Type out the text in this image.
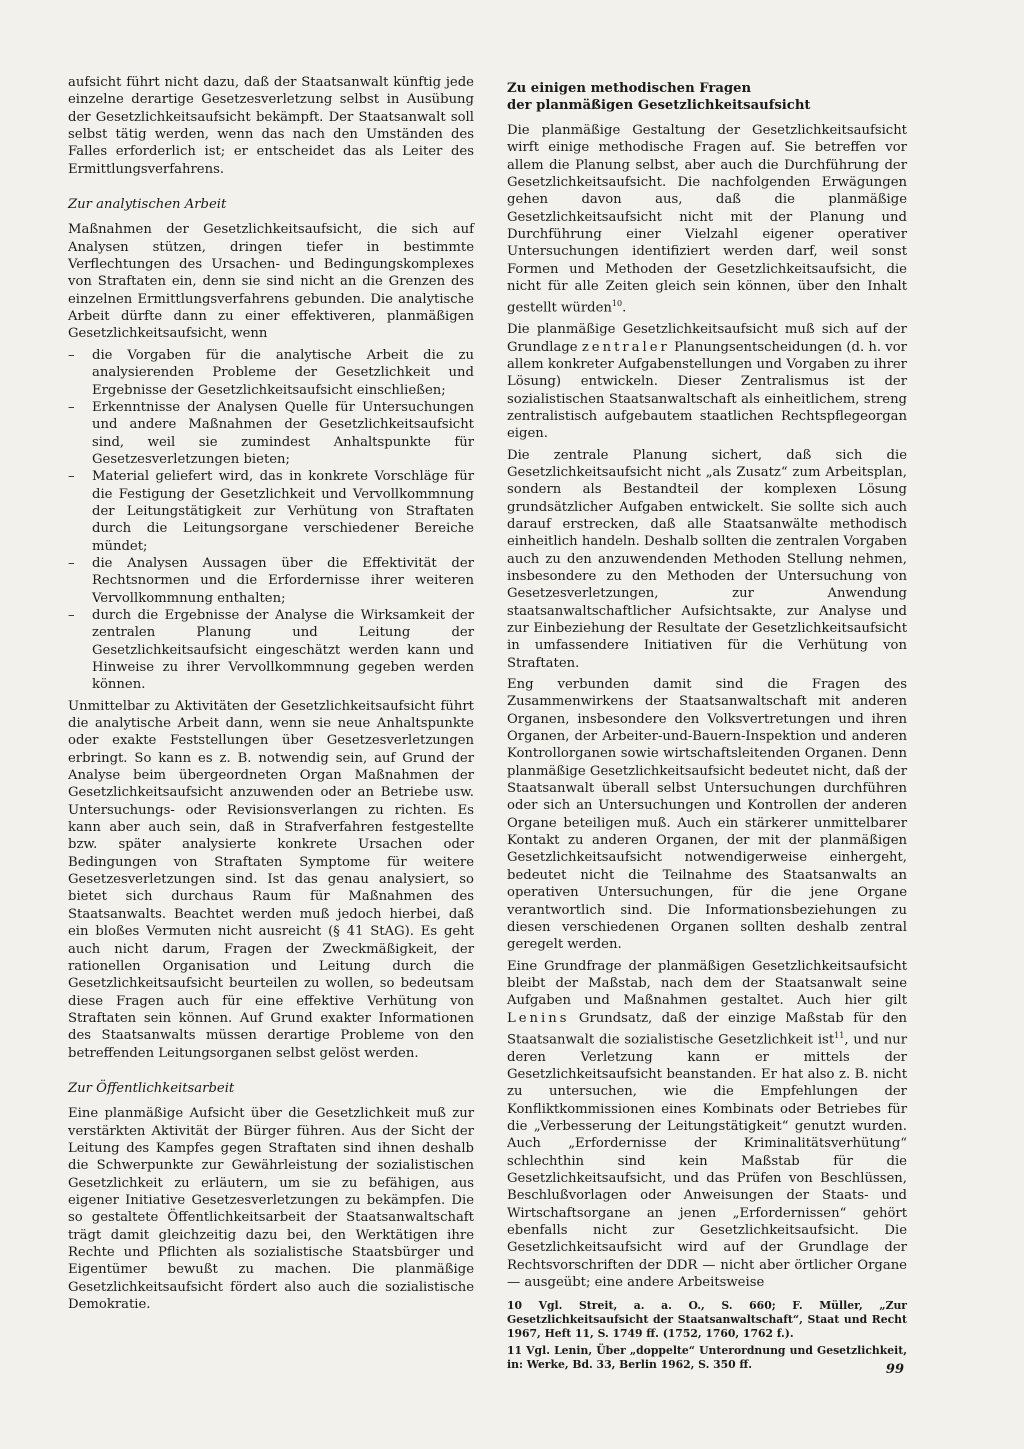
aufsicht führt nicht dazu, daß der Staatsanwalt künftig jede einzelne derartige Gesetzesverletzung selbst in Ausübung der Gesetzlichkeitsaufsicht bekämpft. Der Staatsanwalt soll selbst tätig werden, wenn das nach den Umständen des Falles erforderlich ist; er entscheidet das als Leiter des Ermittlungsverfahrens.

Zur analytischen Arbeit

Maßnahmen der Gesetzlichkeitsaufsicht, die sich auf Analysen stützen, dringen tiefer in bestimmte Verflechtungen des Ursachen- und Bedingungskomplexes von Straftaten ein, denn sie sind nicht an die Grenzen des einzelnen Ermittlungsverfahrens gebunden. Die analytische Arbeit dürfte dann zu einer effektiveren, planmäßigen Gesetzlichkeitsaufsicht, wenn

– die Vorgaben für die analytische Arbeit die zu analysierenden Probleme der Gesetzlichkeit und Ergebnisse der Gesetzlichkeitsaufsicht einschließen;
– Erkenntnisse der Analysen Quelle für Untersuchungen und andere Maßnahmen der Gesetzlichkeitsaufsicht sind, weil sie zumindest Anhaltspunkte für Gesetzesverletzungen bieten;
– Material geliefert wird, das in konkrete Vorschläge für die Festigung der Gesetzlichkeit und Vervollkommnung der Leitungstätigkeit zur Verhütung von Straftaten durch die Leitungsorgane verschiedener Bereiche mündet;
– die Analysen Aussagen über die Effektivität der Rechtsnormen und die Erfordernisse ihrer weiteren Vervollkommnung enthalten;
– durch die Ergebnisse der Analyse die Wirksamkeit der zentralen Planung und Leitung der Gesetzlichkeitsaufsicht eingeschätzt werden kann und Hinweise zu ihrer Vervollkommnung gegeben werden können.

Unmittelbar zu Aktivitäten der Gesetzlichkeitsaufsicht führt die analytische Arbeit dann, wenn sie neue Anhaltspunkte oder exakte Feststellungen über Gesetzesverletzungen erbringt. So kann es z. B. notwendig sein, auf Grund der Analyse beim übergeordneten Organ Maßnahmen der Gesetzlichkeitsaufsicht anzuwenden oder an Betriebe usw. Untersuchungs- oder Revisionsverlangen zu richten. Es kann aber auch sein, daß in Strafverfahren festgestellte bzw. später analysierte konkrete Ursachen oder Bedingungen von Straftaten Symptome für weitere Gesetzesverletzungen sind. Ist das genau analysiert, so bietet sich durchaus Raum für Maßnahmen des Staatsanwalts. Beachtet werden muß jedoch hierbei, daß ein bloßes Vermuten nicht ausreicht (§ 41 StAG). Es geht auch nicht darum, Fragen der Zweckmäßigkeit, der rationellen Organisation und Leitung durch die Gesetzlichkeitsaufsicht beurteilen zu wollen, so bedeutsam diese Fragen auch für eine effektive Verhütung von Straftaten sein können. Auf Grund exakter Informationen des Staatsanwalts müssen derartige Probleme von den betreffenden Leitungsorganen selbst gelöst werden.

Zur Öffentlichkeitsarbeit

Eine planmäßige Aufsicht über die Gesetzlichkeit muß zur verstärkten Aktivität der Bürger führen. Aus der Sicht der Leitung des Kampfes gegen Straftaten sind ihnen deshalb die Schwerpunkte zur Gewährleistung der sozialistischen Gesetzlichkeit zu erläutern, um sie zu befähigen, aus eigener Initiative Gesetzesverletzungen zu bekämpfen. Die so gestaltete Öffentlichkeitsarbeit der Staatsanwaltschaft trägt damit gleichzeitig dazu bei, den Werktätigen ihre Rechte und Pflichten als sozialistische Staatsbürger und Eigentümer bewußt zu machen. Die planmäßige Gesetzlichkeitsaufsicht fördert also auch die sozialistische Demokratie.

Zu einigen methodischen Fragen
der planmäßigen Gesetzlichkeitsaufsicht

Die planmäßige Gestaltung der Gesetzlichkeitsaufsicht wirft einige methodische Fragen auf. Sie betreffen vor allem die Planung selbst, aber auch die Durchführung der Gesetzlichkeitsaufsicht. Die nachfolgenden Erwägungen gehen davon aus, daß die planmäßige Gesetzlichkeitsaufsicht nicht mit der Planung und Durchführung einer Vielzahl eigener operativer Untersuchungen identifiziert werden darf, weil sonst Formen und Methoden der Gesetzlichkeitsaufsicht, die nicht für alle Zeiten gleich sein können, über den Inhalt gestellt würden$^{10}$.

Die planmäßige Gesetzlichkeitsaufsicht muß sich auf der Grundlage zentraler Planungsentscheidungen (d. h. vor allem konkreter Aufgabenstellungen und Vorgaben zu ihrer Lösung) entwickeln. Dieser Zentralismus ist der sozialistischen Staatsanwaltschaft als einheitlichem, streng zentralistisch aufgebautem staatlichen Rechtspflegeorgan eigen.

Die zentrale Planung sichert, daß sich die Gesetzlichkeitsaufsicht nicht „als Zusatz“ zum Arbeitsplan, sondern als Bestandteil der komplexen Lösung grundsätzlicher Aufgaben entwickelt. Sie sollte sich auch darauf erstrecken, daß alle Staatsanwälte methodisch einheitlich handeln. Deshalb sollten die zentralen Vorgaben auch zu den anzuwendenden Methoden Stellung nehmen, insbesondere zu den Methoden der Untersuchung von Gesetzesverletzungen, zur Anwendung staatsanwaltschaftlicher Aufsichtsakte, zur Analyse und zur Einbeziehung der Resultate der Gesetzlichkeitsaufsicht in umfassendere Initiativen für die Verhütung von Straftaten.

Eng verbunden damit sind die Fragen des Zusammenwirkens der Staatsanwaltschaft mit anderen Organen, insbesondere den Volksvertretungen und ihren Organen, der Arbeiter-und-Bauern-Inspektion und anderen Kontrollorganen sowie wirtschaftsleitenden Organen. Denn planmäßige Gesetzlichkeitsaufsicht bedeutet nicht, daß der Staatsanwalt überall selbst Untersuchungen durchführen oder sich an Untersuchungen und Kontrollen der anderen Organe beteiligen muß. Auch ein stärkerer unmittelbarer Kontakt zu anderen Organen, der mit der planmäßigen Gesetzlichkeitsaufsicht notwendigerweise einhergeht, bedeutet nicht die Teilnahme des Staatsanwalts an operativen Untersuchungen, für die jene Organe verantwortlich sind. Die Informationsbeziehungen zu diesen verschiedenen Organen sollten deshalb zentral geregelt werden.

Eine Grundfrage der planmäßigen Gesetzlichkeitsaufsicht bleibt der Maßstab, nach dem der Staatsanwalt seine Aufgaben und Maßnahmen gestaltet. Auch hier gilt Lenins Grundsatz, daß der einzige Maßstab für den Staatsanwalt die sozialistische Gesetzlichkeit ist$^{11}$, und nur deren Verletzung kann er mittels der Gesetzlichkeitsaufsicht beanstanden. Er hat also z. B. nicht zu untersuchen, wie die Empfehlungen der Konfliktkommissionen eines Kombinats oder Betriebes für die „Verbesserung der Leitungstätigkeit“ genutzt wurden. Auch „Erfordernisse der Kriminalitätsverhütung“ schlechthin sind kein Maßstab für die Gesetzlichkeitsaufsicht, und das Prüfen von Beschlüssen, Beschlußvorlagen oder Anweisungen der Staats- und Wirtschaftsorgane an jenen „Erfordernissen“ gehört ebenfalls nicht zur Gesetzlichkeitsaufsicht. Die Gesetzlichkeitsaufsicht wird auf der Grundlage der Rechtsvorschriften der DDR — nicht aber örtlicher Organe — ausgeübt; eine andere Arbeitsweise

10 Vgl. Streit, a. a. O., S. 660; F. Müller, „Zur Gesetzlichkeitsaufsicht der Staatsanwaltschaft“, Staat und Recht 1967, Heft 11, S. 1749 ff. (1752, 1760, 1762 f.).

11 Vgl. Lenin, Über „doppelte“ Unterordnung und Gesetzlichkeit, in: Werke, Bd. 33, Berlin 1962, S. 350 ff.	99
